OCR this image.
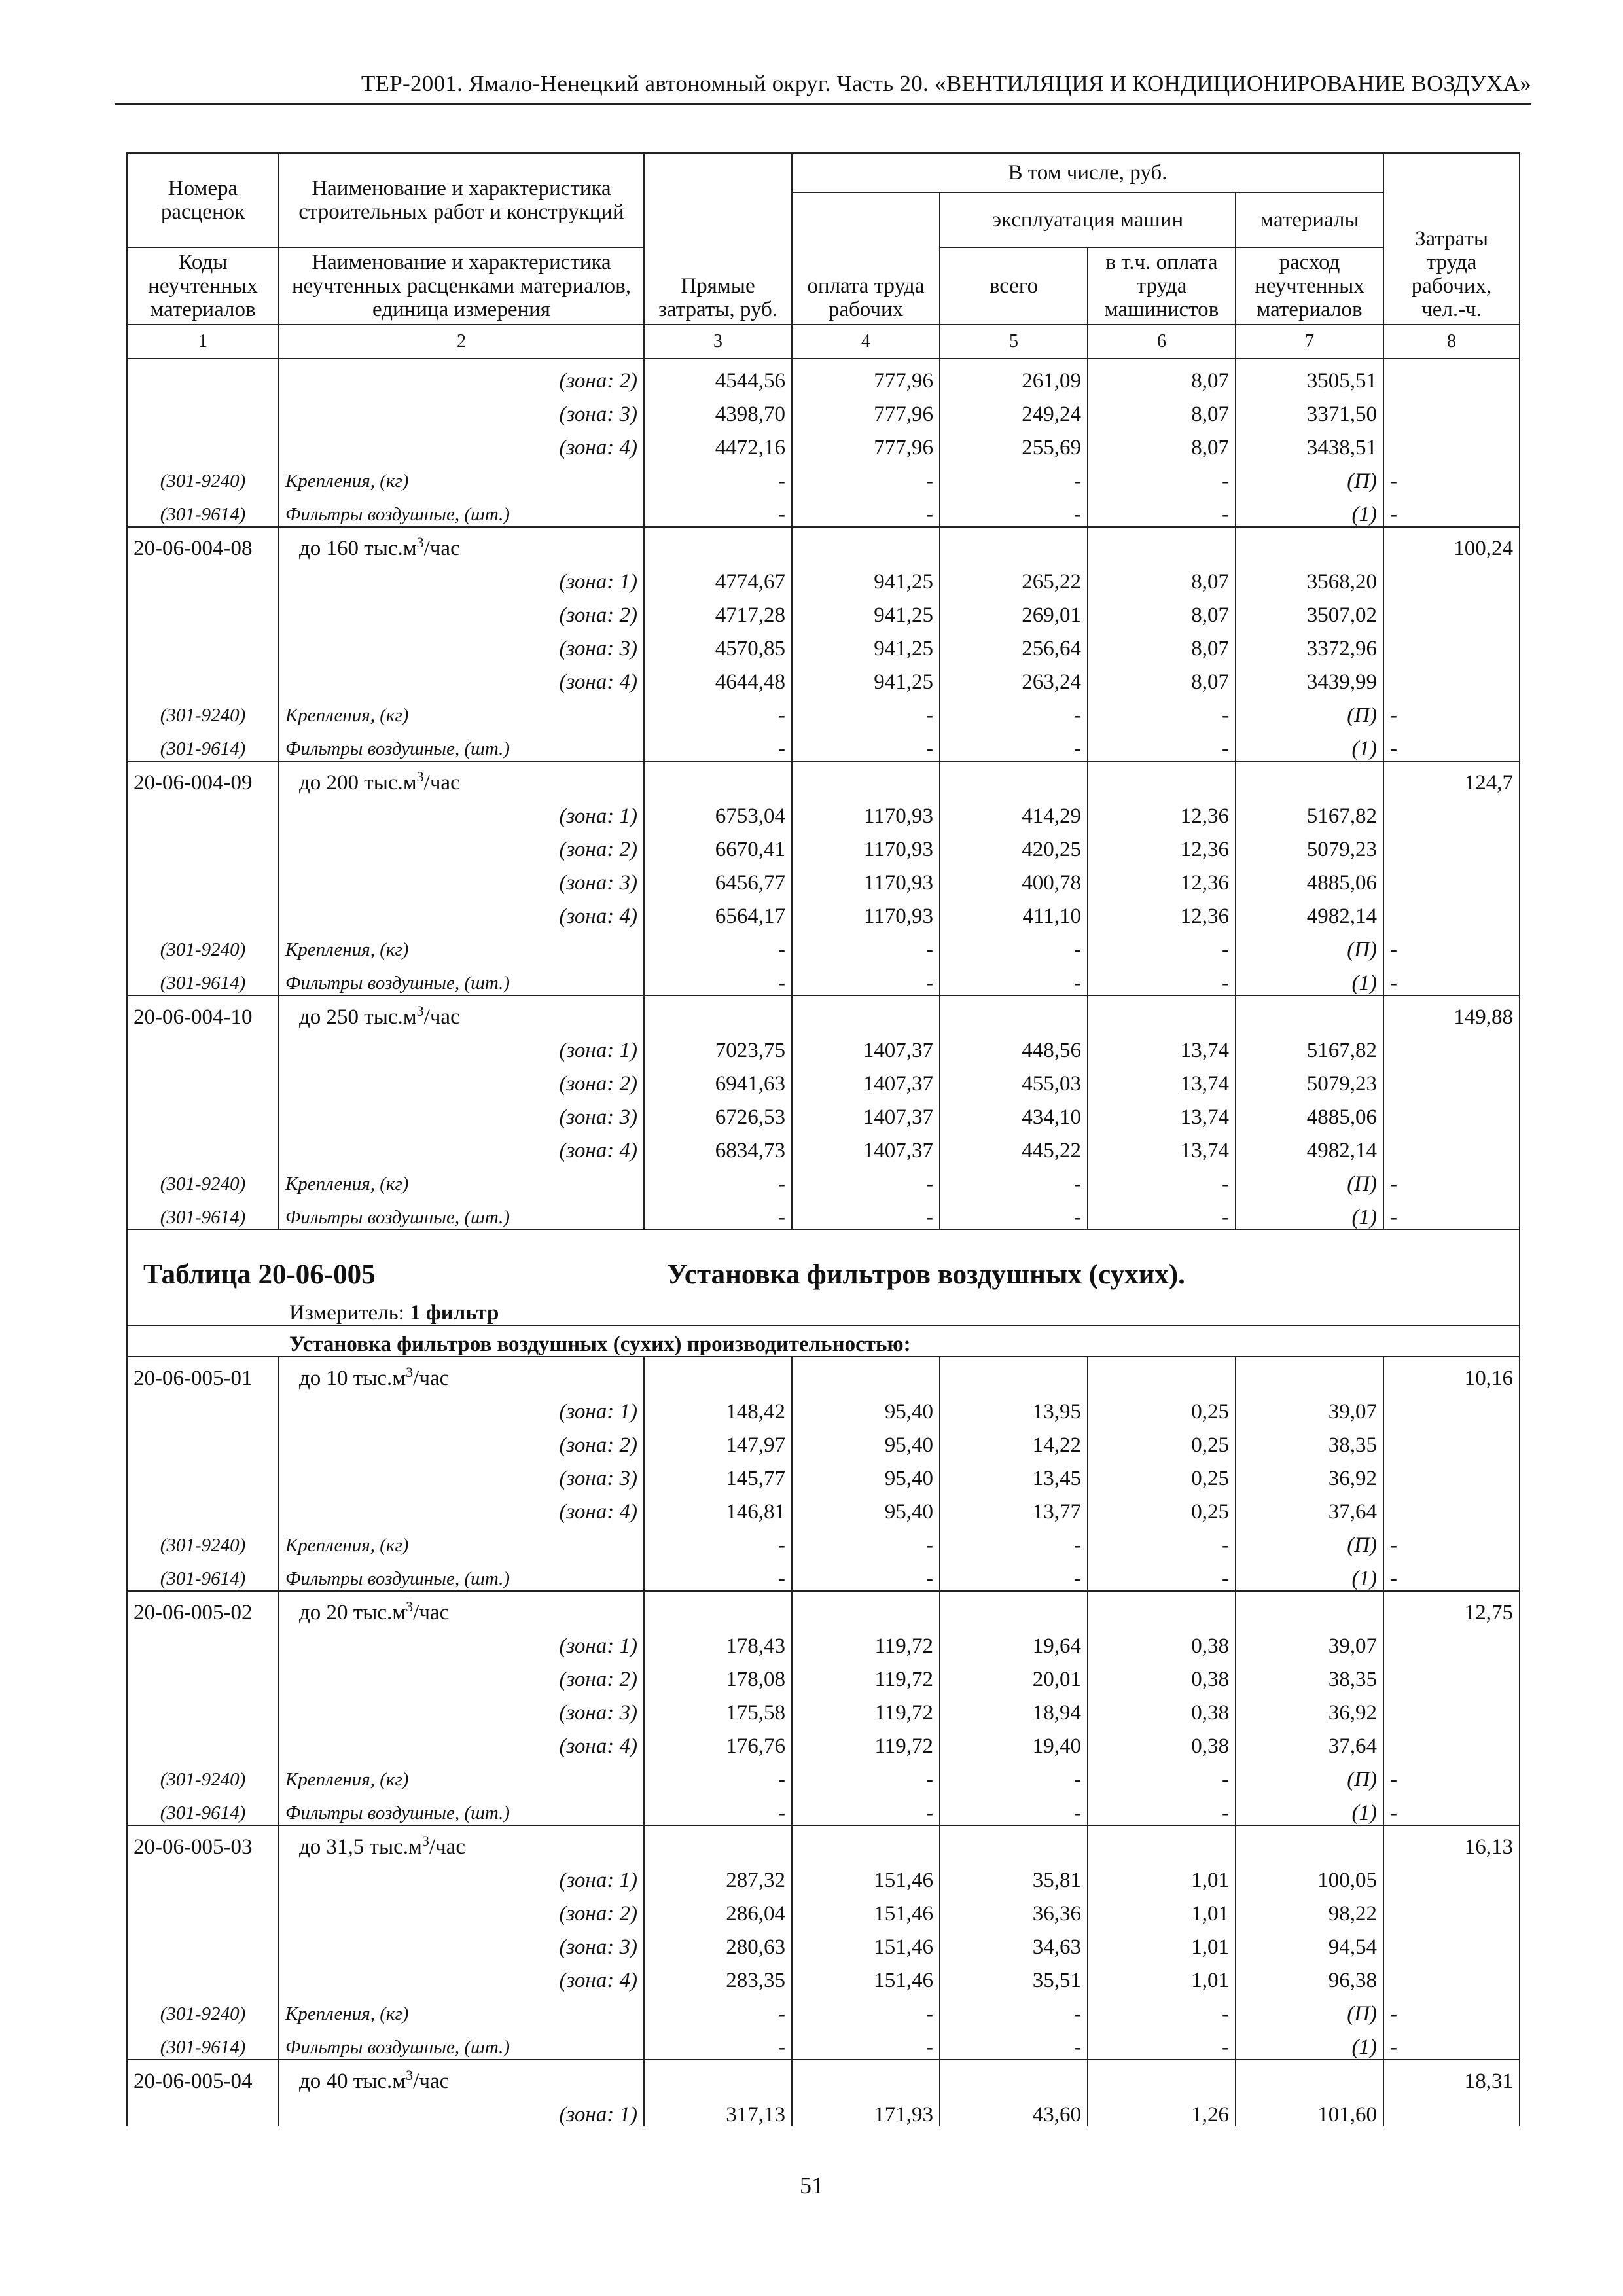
ТЕР-2001. Ямало-Ненецкий автономный округ. Часть 20. «ВЕНТИЛЯЦИЯ И КОНДИЦИОНИРОВАНИЕ ВОЗДУХА»
Номера расценок	Наименование и характеристика строительных работ и конструкций	Прямые затраты, руб.	В том числе, руб.				Затраты труда рабочих, чел.-ч.
			оплата труда рабочих	эксплуатация машин		материалы	
Коды неучтенных материалов	Наименование и характеристика неучтенных расценками материалов, единица измерения			всего	в т.ч. оплата труда машинистов	расход неучтенных материалов	
1	2	3	4	5	6	7	8
	(зона: 2)	4544,56	777,96	261,09	8,07	3505,51	
	(зона: 3)	4398,70	777,96	249,24	8,07	3371,50	
	(зона: 4)	4472,16	777,96	255,69	8,07	3438,51	
(301-9240)	Крепления, (кг)	-	-	-	-	(П)	-
(301-9614)	Фильтры воздушные, (шт.)	-	-	-	-	(1)	-
20-06-004-08	до 160 $тыс.м^3$/час						100,24
	(зона: 1)	4774,67	941,25	265,22	8,07	3568,20	
	(зона: 2)	4717,28	941,25	269,01	8,07	3507,02	
	(зона: 3)	4570,85	941,25	256,64	8,07	3372,96	
	(зона: 4)	4644,48	941,25	263,24	8,07	3439,99	
(301-9240)	Крепления, (кг)	-	-	-	-	(П)	-
(301-9614)	Фильтры воздушные, (шт.)	-	-	-	-	(1)	-
20-06-004-09	до 200 $тыс.м^3$/час						124,7
	(зона: 1)	6753,04	1170,93	414,29	12,36	5167,82	
	(зона: 2)	6670,41	1170,93	420,25	12,36	5079,23	
	(зона: 3)	6456,77	1170,93	400,78	12,36	4885,06	
	(зона: 4)	6564,17	1170,93	411,10	12,36	4982,14	
(301-9240)	Крепления, (кг)	-	-	-	-	(П)	-
(301-9614)	Фильтры воздушные, (шт.)	-	-	-	-	(1)	-
20-06-004-10	до 250 $тыс.м^3$/час						149,88
	(зона: 1)	7023,75	1407,37	448,56	13,74	5167,82	
	(зона: 2)	6941,63	1407,37	455,03	13,74	5079,23	
	(зона: 3)	6726,53	1407,37	434,10	13,74	4885,06	
	(зона: 4)	6834,73	1407,37	445,22	13,74	4982,14	
(301-9240)	Крепления, (кг)	-	-	-	-	(П)	-
(301-9614)	Фильтры воздушные, (шт.)	-	-	-	-	(1)	-
Таблица 20-06-005 Установка фильтров воздушных (сухих).							
Измеритель: 1 фильтр							
Установка фильтров воздушных (сухих) производительностью:							
20-06-005-01	до 10 $тыс.м^3$/час						10,16
	(зона: 1)	148,42	95,40	13,95	0,25	39,07	
	(зона: 2)	147,97	95,40	14,22	0,25	38,35	
	(зона: 3)	145,77	95,40	13,45	0,25	36,92	
	(зона: 4)	146,81	95,40	13,77	0,25	37,64	
(301-9240)	Крепления, (кг)	-	-	-	-	(П)	-
(301-9614)	Фильтры воздушные, (шт.)	-	-	-	-	(1)	-
20-06-005-02	до 20 $тыс.м^3$/час						12,75
	(зона: 1)	178,43	119,72	19,64	0,38	39,07	
	(зона: 2)	178,08	119,72	20,01	0,38	38,35	
	(зона: 3)	175,58	119,72	18,94	0,38	36,92	
	(зона: 4)	176,76	119,72	19,40	0,38	37,64	
(301-9240)	Крепления, (кг)	-	-	-	-	(П)	-
(301-9614)	Фильтры воздушные, (шт.)	-	-	-	-	(1)	-
20-06-005-03	до 31,5 $тыс.м^3$/час						16,13
	(зона: 1)	287,32	151,46	35,81	1,01	100,05	
	(зона: 2)	286,04	151,46	36,36	1,01	98,22	
	(зона: 3)	280,63	151,46	34,63	1,01	94,54	
	(зона: 4)	283,35	151,46	35,51	1,01	96,38	
(301-9240)	Крепления, (кг)	-	-	-	-	(П)	-
(301-9614)	Фильтры воздушные, (шт.)	-	-	-	-	(1)	-
20-06-005-04	до 40 $тыс.м^3$/час						18,31
	(зона: 1)	317,13	171,93	43,60	1,26	101,60	
51
